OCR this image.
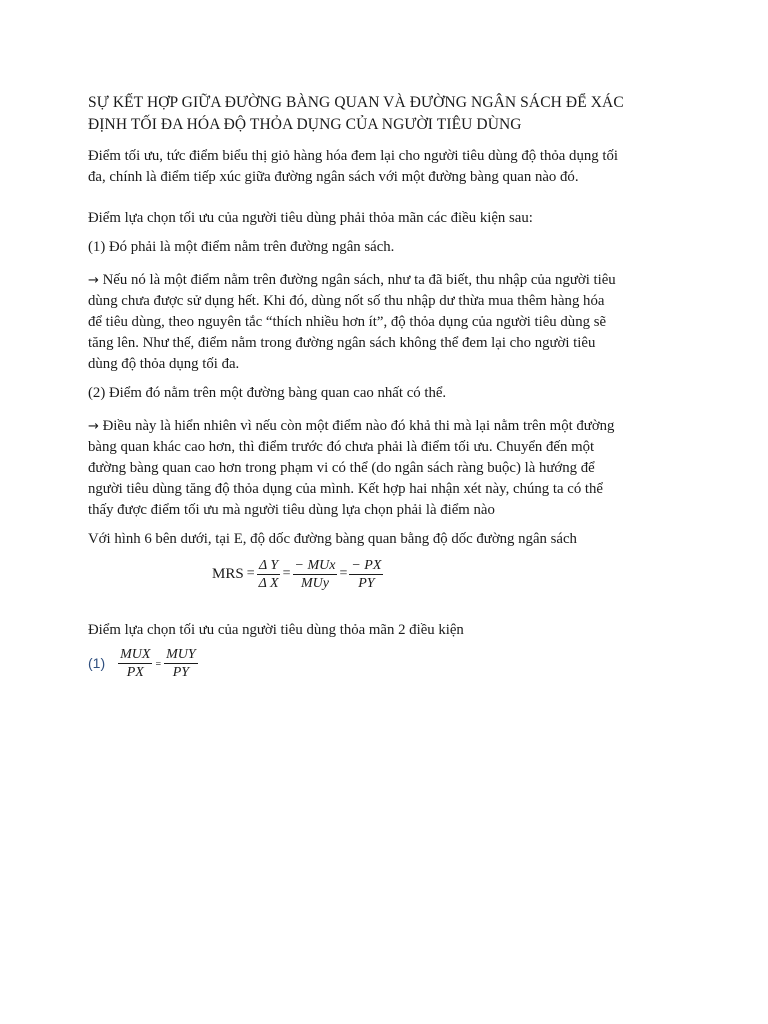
SỰ KẾT HỢP GIỮA ĐƯỜNG BÀNG QUAN VÀ ĐƯỜNG NGÂN SÁCH ĐỂ XÁC
ĐỊNH TỐI ĐA HÓA ĐỘ THỎA DỤNG CỦA NGƯỜI TIÊU DÙNG

Điểm tối ưu, tức điểm biểu thị giỏ hàng hóa đem lại cho người tiêu dùng độ thỏa dụng tối
đa, chính là điểm tiếp xúc giữa đường ngân sách với một đường bàng quan nào đó.

Điểm lựa chọn tối ưu của người tiêu dùng phải thỏa mãn các điều kiện sau:

(1) Đó phải là một điểm nằm trên đường ngân sách.

→ Nếu nó là một điểm nằm trên đường ngân sách, như ta đã biết, thu nhập của người tiêu
dùng chưa được sử dụng hết. Khi đó, dùng nốt số thu nhập dư thừa mua thêm hàng hóa
để tiêu dùng, theo nguyên tắc “thích nhiều hơn ít”, độ thỏa dụng của người tiêu dùng sẽ
tăng lên. Như thế, điểm nằm trong đường ngân sách không thể đem lại cho người tiêu
dùng độ thỏa dụng tối đa.

(2) Điểm đó nằm trên một đường bàng quan cao nhất có thể.

→ Điều này là hiển nhiên vì nếu còn một điểm nào đó khả thi mà lại nằm trên một đường
bàng quan khác cao hơn, thì điểm trước đó chưa phải là điểm tối ưu. Chuyển đến một
đường bàng quan cao hơn trong phạm vi có thể (do ngân sách ràng buộc) là hướng để
người tiêu dùng tăng độ thỏa dụng của mình. Kết hợp hai nhận xét này, chúng ta có thể
thấy được điểm tối ưu mà người tiêu dùng lựa chọn phải là điểm nào

Với hình 6 bên dưới, tại E, độ dốc đường bàng quan bằng độ dốc đường ngân sách

MRS = $\frac{\text{Δ Y}}{\text{Δ X}} = \frac{\text{− MUx}}{\text{MUy}} = \frac{- PX}{PY}$

Điểm lựa chọn tối ưu của người tiêu dùng thỏa mãn 2 điều kiện

$(1) \frac{\text{MUX}}{PX} = \frac{\text{MUY}}{PY}$
